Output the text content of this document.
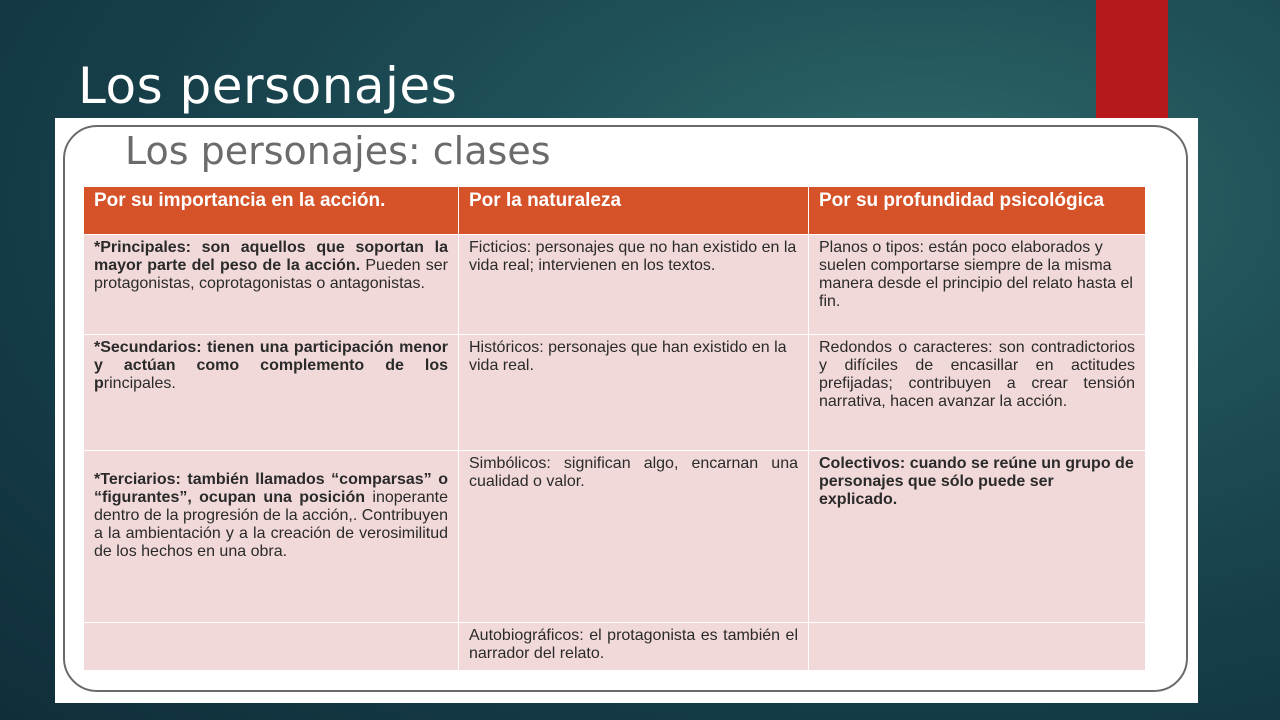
Los personajes
Los personajes: clases
Por su importancia en la acción.	Por la naturaleza	Por su profundidad psicológica
*Principales: son aquellos que soportan la mayor parte del peso de la acción. Pueden ser protagonistas, coprotagonistas o antagonistas.	Ficticios: personajes que no han existido en la vida real; intervienen en los textos.	Planos o tipos: están poco elaborados y suelen comportarse siempre de la misma manera desde el principio del relato hasta el fin.
*Secundarios: tienen una participación menor y actúan como complemento de los principales.	Históricos: personajes que han existido en la vida real.	Redondos o caracteres: son contradictorios y difíciles de encasillar en actitudes prefijadas; contribuyen a crear tensión narrativa, hacen avanzar la acción.
*Terciarios: también llamados “comparsas” o “figurantes”, ocupan una posición inoperante dentro de la progresión de la acción,. Contribuyen a la ambientación y a la creación de verosimilitud de los hechos en una obra.	Simbólicos: significan algo, encarnan una cualidad o valor.	Colectivos: cuando se reúne un grupo de personajes que sólo puede ser explicado.
	Autobiográficos: el protagonista es también el narrador del relato.	
